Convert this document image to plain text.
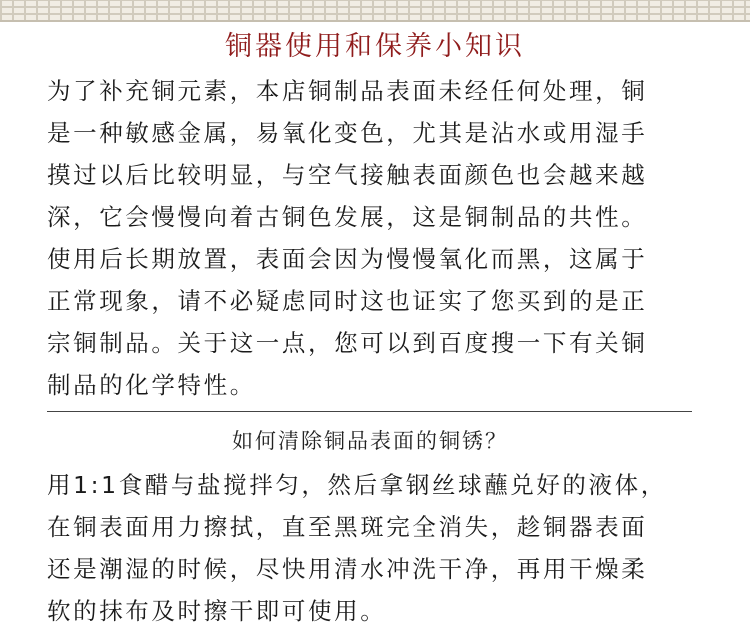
铜器使用和保养小知识
为了补充铜元素，本店铜制品表面未经任何处理，铜
是一种敏感金属，易氧化变色，尤其是沾水或用湿手
摸过以后比较明显，与空气接触表面颜色也会越来越
深，它会慢慢向着古铜色发展，这是铜制品的共性。
使用后长期放置，表面会因为慢慢氧化而黑，这属于
正常现象，请不必疑虑同时这也证实了您买到的是正
宗铜制品。关于这一点，您可以到百度搜一下有关铜
制品的化学特性。
如何清除铜品表面的铜锈？
用1:1食醋与盐搅拌匀，然后拿钢丝球蘸兑好的液体，
在铜表面用力擦拭，直至黑斑完全消失，趁铜器表面
还是潮湿的时候，尽快用清水冲洗干净，再用干燥柔
软的抹布及时擦干即可使用。
